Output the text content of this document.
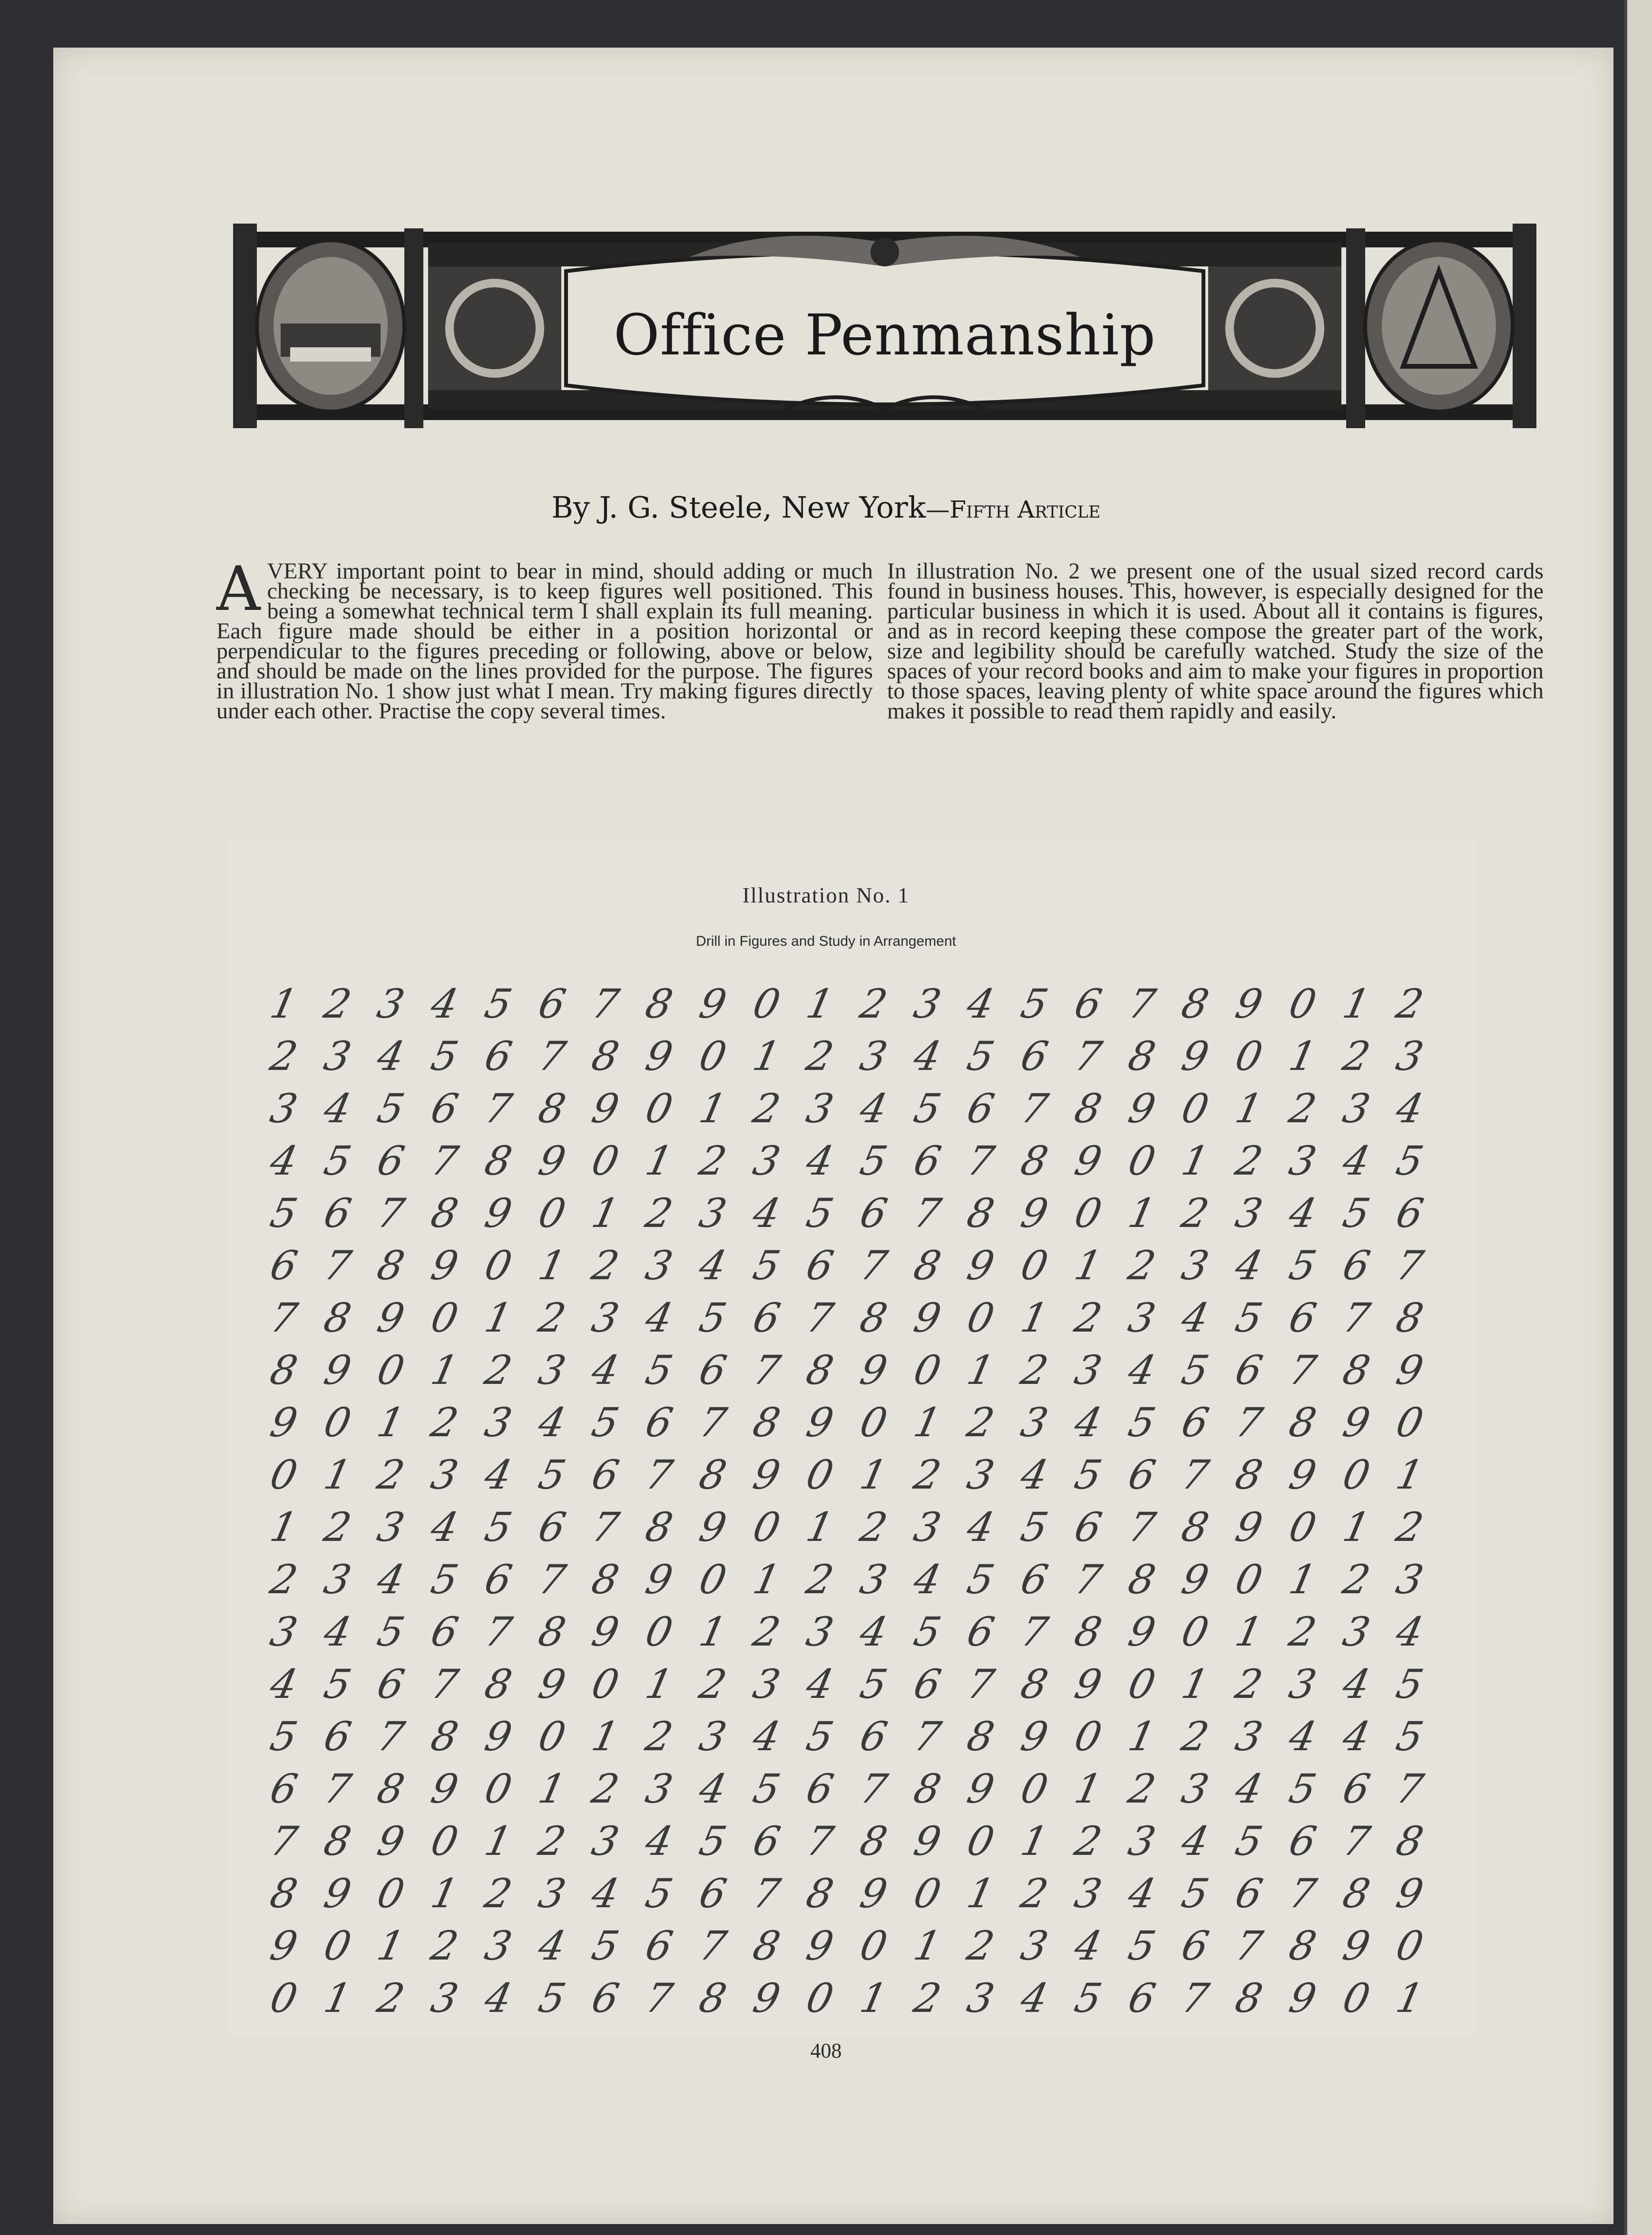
Office Penmanship
By J. G. Steele, New York—Fifth Article
AVERY important point to bear in mind, should adding or much checking be necessary, is to keep figures well positioned. This being a somewhat technical term I shall explain its full meaning. Each figure made should be either in a position horizontal or perpendicular to the figures preceding or following, above or below, and should be made on the lines provided for the purpose. The figures in illustration No. 1 show just what I mean. Try making figures directly under each other. Practise the copy several times.
In illustration No. 2 we present one of the usual sized record cards found in business houses. This, however, is especially designed for the particular business in which it is used. About all it contains is figures, and as in record keeping these compose the greater part of the work, size and legibility should be carefully watched. Study the size of the spaces of your record books and aim to make your figures in proportion to those spaces, leaving plenty of white space around the figures which makes it possible to read them rapidly and easily.
Illustration No. 1
Drill in Figures and Study in Arrangement
1 2 3 4 5 6 7 8 9 0 1 2 3 4 5 6 7 8 9 0 1 2
2 3 4 5 6 7 8 9 0 1 2 3 4 5 6 7 8 9 0 1 2 3
3 4 5 6 7 8 9 0 1 2 3 4 5 6 7 8 9 0 1 2 3 4
4 5 6 7 8 9 0 1 2 3 4 5 6 7 8 9 0 1 2 3 4 5
5 6 7 8 9 0 1 2 3 4 5 6 7 8 9 0 1 2 3 4 5 6
6 7 8 9 0 1 2 3 4 5 6 7 8 9 0 1 2 3 4 5 6 7
7 8 9 0 1 2 3 4 5 6 7 8 9 0 1 2 3 4 5 6 7 8
8 9 0 1 2 3 4 5 6 7 8 9 0 1 2 3 4 5 6 7 8 9
9 0 1 2 3 4 5 6 7 8 9 0 1 2 3 4 5 6 7 8 9 0
0 1 2 3 4 5 6 7 8 9 0 1 2 3 4 5 6 7 8 9 0 1
1 2 3 4 5 6 7 8 9 0 1 2 3 4 5 6 7 8 9 0 1 2
2 3 4 5 6 7 8 9 0 1 2 3 4 5 6 7 8 9 0 1 2 3
3 4 5 6 7 8 9 0 1 2 3 4 5 6 7 8 9 0 1 2 3 4
4 5 6 7 8 9 0 1 2 3 4 5 6 7 8 9 0 1 2 3 4 5
5 6 7 8 9 0 1 2 3 4 5 6 7 8 9 0 1 2 3 4 4 5
6 7 8 9 0 1 2 3 4 5 6 7 8 9 0 1 2 3 4 5 6 7
7 8 9 0 1 2 3 4 5 6 7 8 9 0 1 2 3 4 5 6 7 8
8 9 0 1 2 3 4 5 6 7 8 9 0 1 2 3 4 5 6 7 8 9
9 0 1 2 3 4 5 6 7 8 9 0 1 2 3 4 5 6 7 8 9 0
0 1 2 3 4 5 6 7 8 9 0 1 2 3 4 5 6 7 8 9 0 1
408
